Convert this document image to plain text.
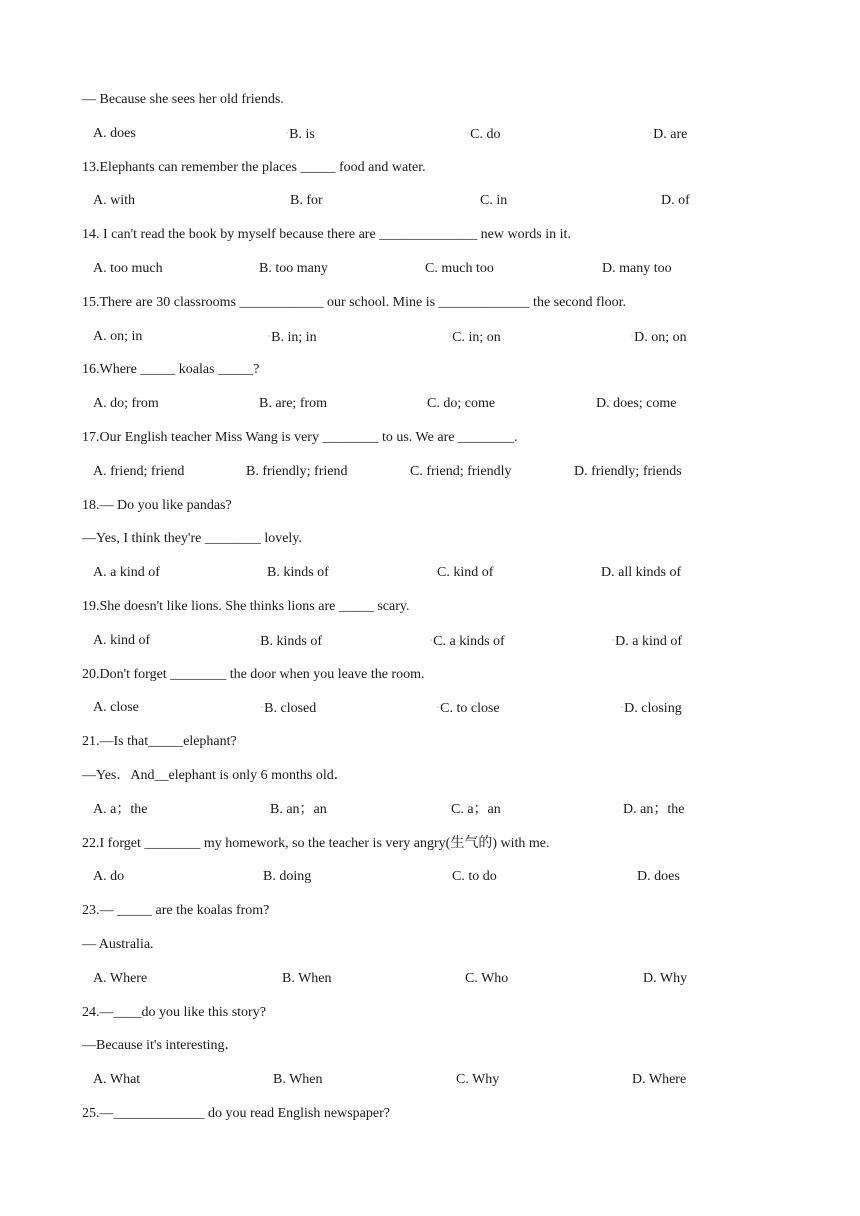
— Because she sees her old friends.
A. does	▫B. is	▫C. do	▫D. are
13.Elephants can remember the places _____ food and water.
A. with	B. for	C. in	D. of
14. I can't read the book by myself because there are ______________ new words in it.
A. too much	B. too many	C. much too	D. many too
15.There are 30 classrooms ____________ our school. Mine is _____________ the second floor.
A. on; in	▫B. in; in	▫C. in; on	▫D. on; on
16.Where _____ koalas _____?
A. do; from	B. are; from	C. do; come	D. does; come
17.Our English teacher Miss Wang is very ________ to us. We are ________.
A. friend; friend	B. friendly; friend	C. friend; friendly	D. friendly; friends
18.— Do you like pandas?
—Yes, I think they're ________ lovely.
A. a kind of	B. kinds of	C. kind of	D. all kinds of
19.She doesn't like lions. She thinks lions are _____ scary.
A. kind of	▫B. kinds of	▫C. a kinds of	▫D. a kind of
20.Don't forget ________ the door when you leave the room.
A. close	▫B. closed	▫C. to close	▫D. closing
21.—Is that_____elephant?
—Yes．And__elephant is only 6 months old．
A. a；the	B. an；an	C. a；an	D. an；the
22.I forget ________ my homework, so the teacher is very angry(生气的) with me.
A. do	B. doing	C. to do	D. does
23.— _____ are the koalas from?
— Australia.
A. Where	B. When	C. Who	D. Why
24.—____do you like this story?
—Because it's interesting．
A. What	B. When	C. Why	D. Where
25.—_____________ do you read English newspaper?
